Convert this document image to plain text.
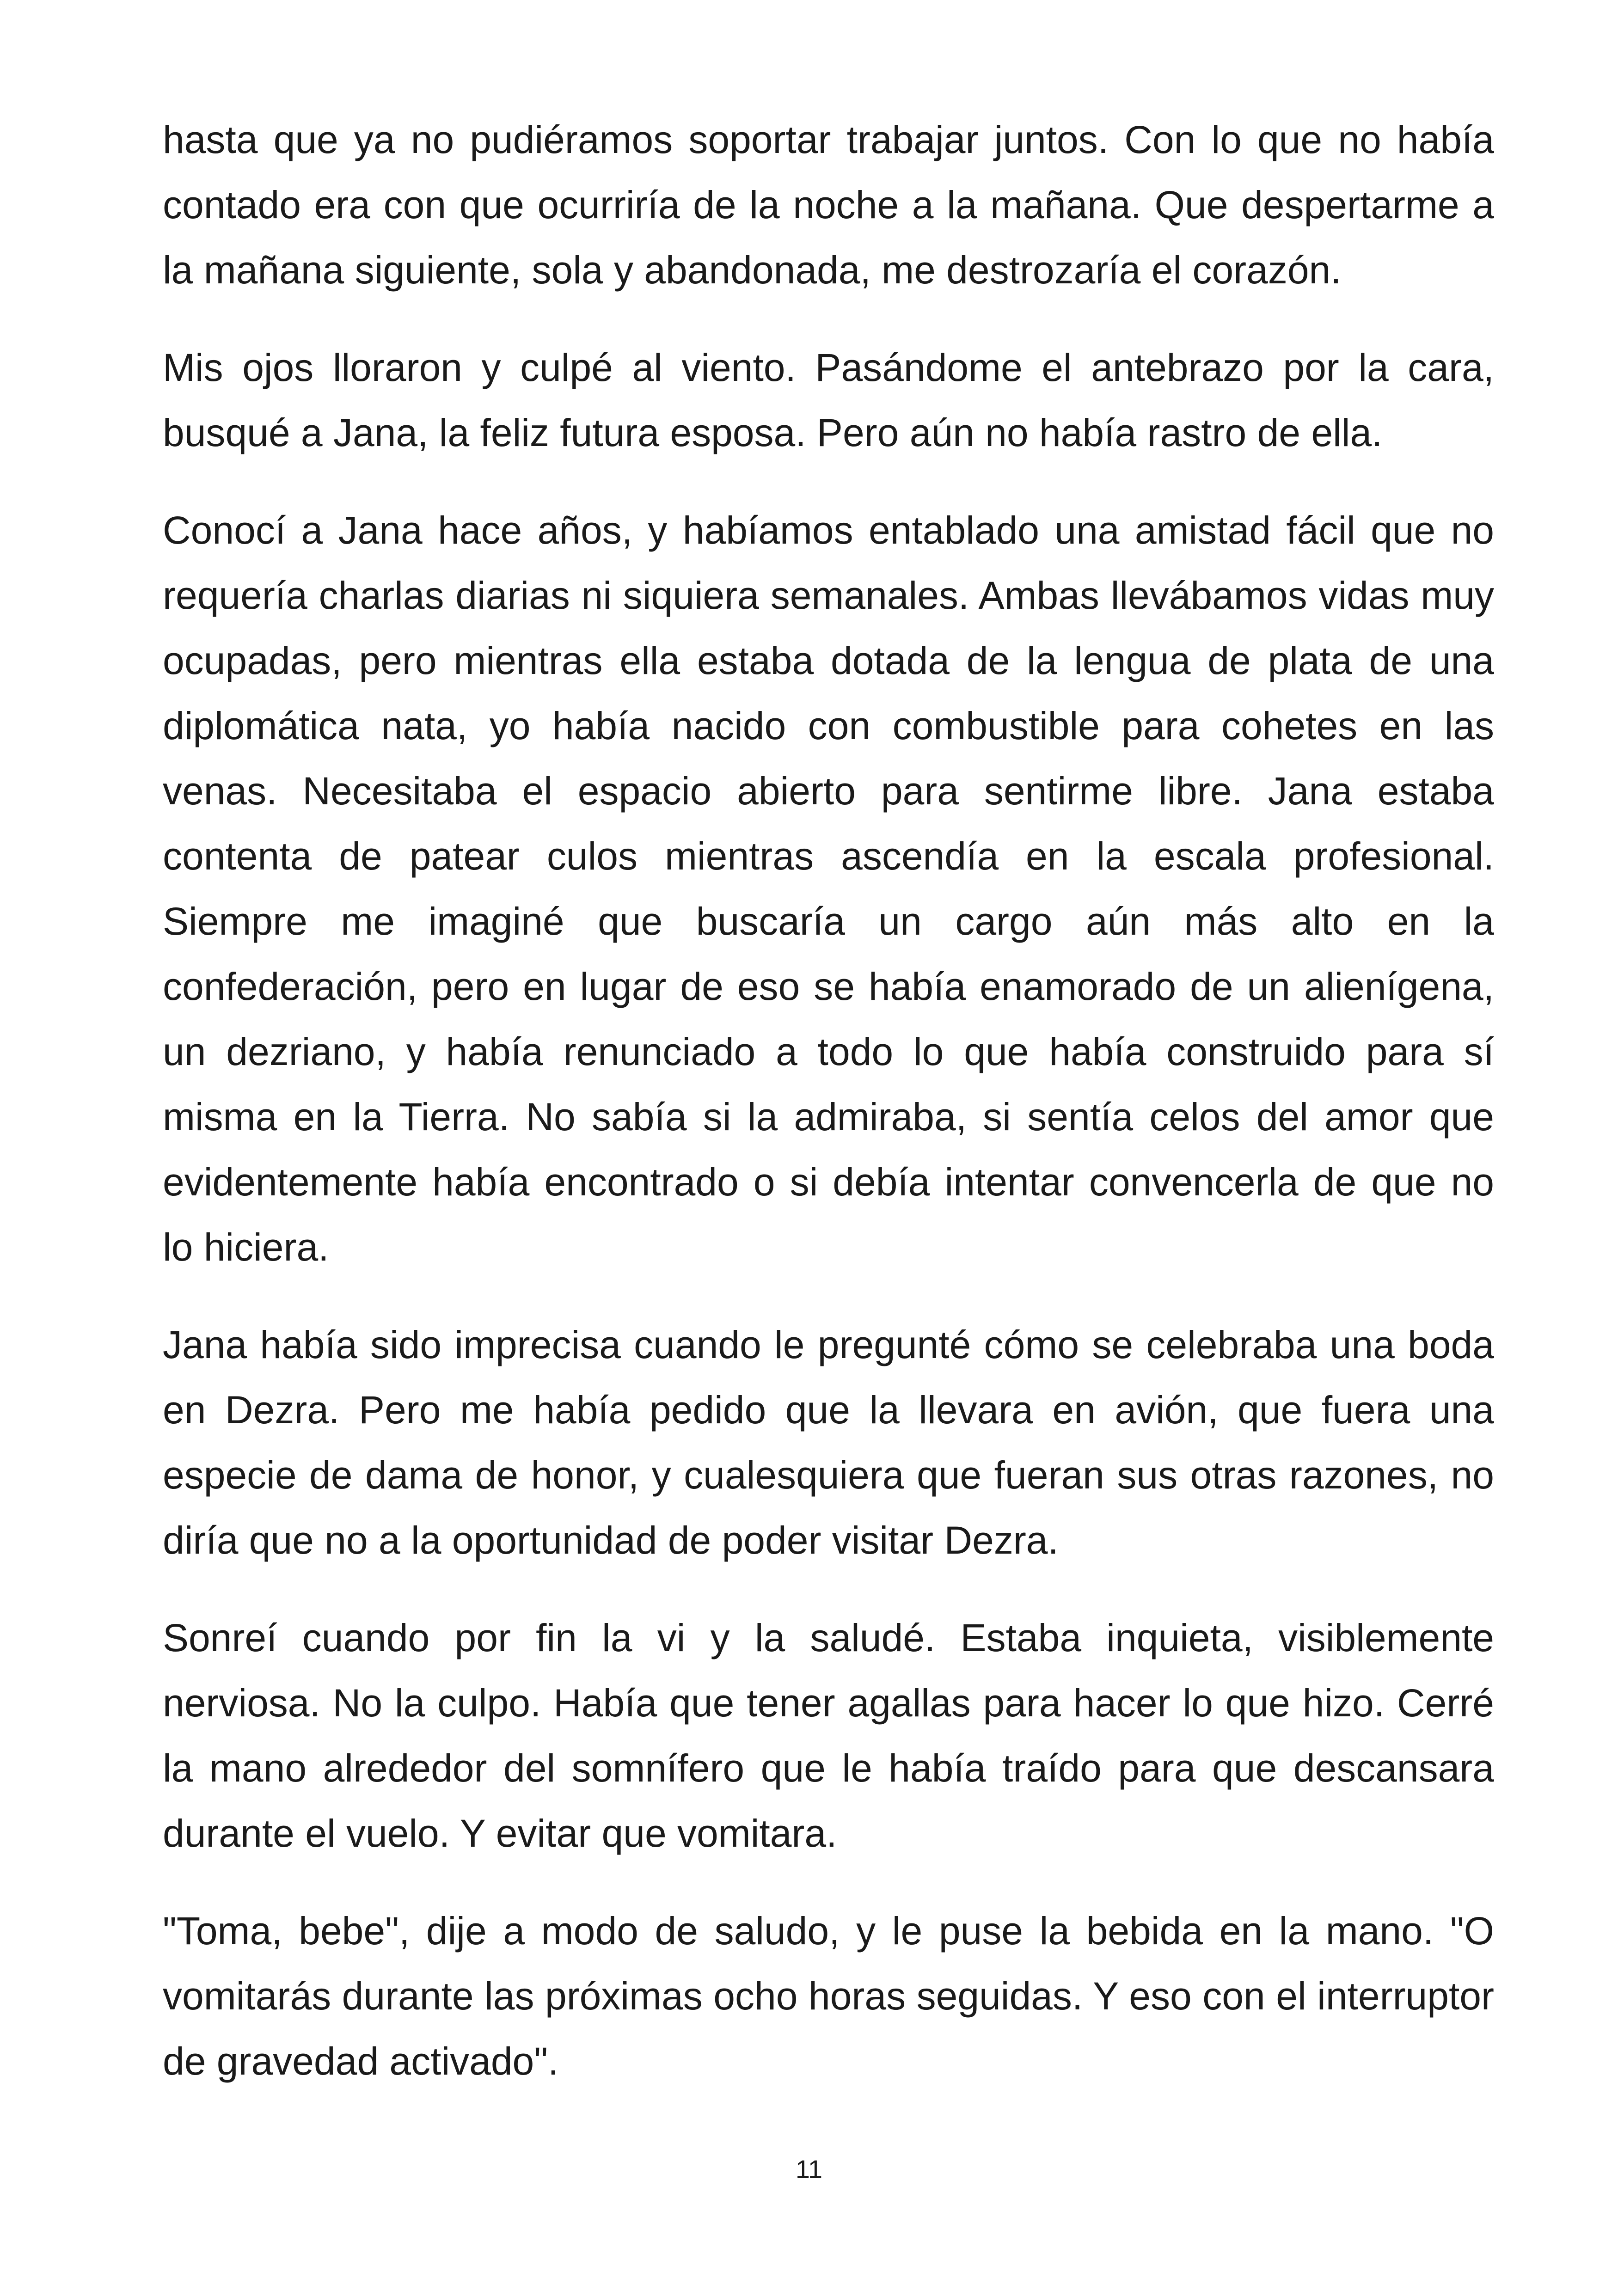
hasta que ya no pudiéramos soportar trabajar juntos. Con lo que no había contado era con que ocurriría de la noche a la mañana. Que despertarme a la mañana siguiente, sola y abandonada, me destrozaría el corazón.

Mis ojos lloraron y culpé al viento. Pasándome el antebrazo por la cara, busqué a Jana, la feliz futura esposa. Pero aún no había rastro de ella.

Conocí a Jana hace años, y habíamos entablado una amistad fácil que no requería charlas diarias ni siquiera semanales. Ambas llevábamos vidas muy ocupadas, pero mientras ella estaba dotada de la lengua de plata de una diplomática nata, yo había nacido con combustible para cohetes en las venas. Necesitaba el espacio abierto para sentirme libre. Jana estaba contenta de patear culos mientras ascendía en la escala profesional. Siempre me imaginé que buscaría un cargo aún más alto en la confederación, pero en lugar de eso se había enamorado de un alienígena, un dezriano, y había renunciado a todo lo que había construido para sí misma en la Tierra. No sabía si la admiraba, si sentía celos del amor que evidentemente había encontrado o si debía intentar convencerla de que no lo hiciera.

Jana había sido imprecisa cuando le pregunté cómo se celebraba una boda en Dezra. Pero me había pedido que la llevara en avión, que fuera una especie de dama de honor, y cualesquiera que fueran sus otras razones, no diría que no a la oportunidad de poder visitar Dezra.

Sonreí cuando por fin la vi y la saludé. Estaba inquieta, visiblemente nerviosa. No la culpo. Había que tener agallas para hacer lo que hizo. Cerré la mano alrededor del somnífero que le había traído para que descansara durante el vuelo. Y evitar que vomitara.

"Toma, bebe", dije a modo de saludo, y le puse la bebida en la mano. "O vomitarás durante las próximas ocho horas seguidas. Y eso con el interruptor de gravedad activado".

11
